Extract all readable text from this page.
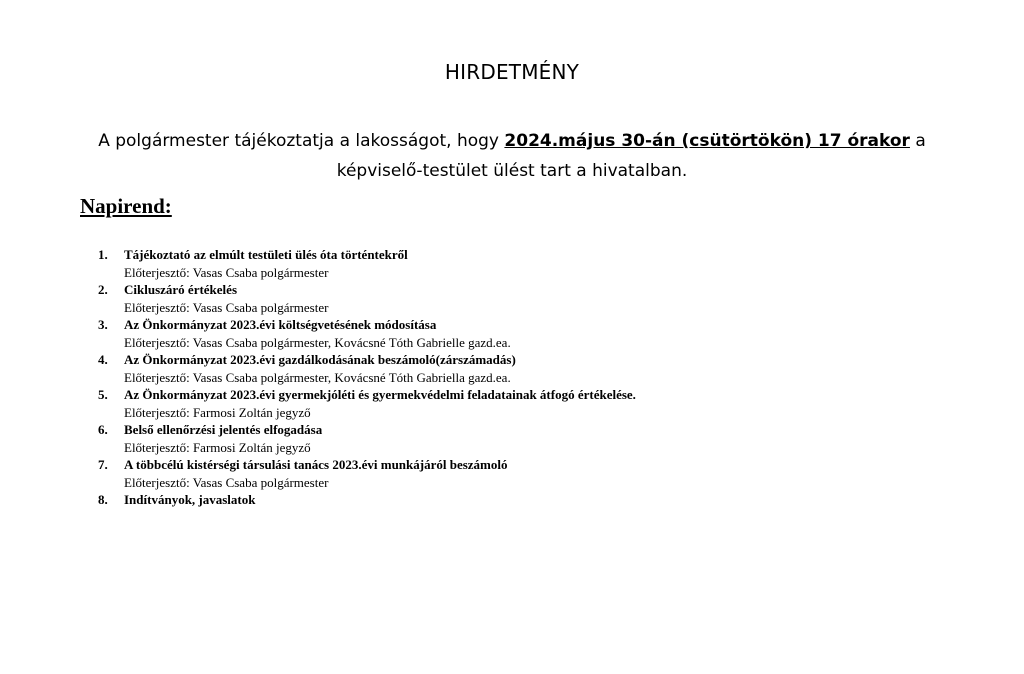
HIRDETMÉNY
A polgármester tájékoztatja a lakosságot, hogy 2024.május 30-án (csütörtökön) 17 órakor a képviselő-testület ülést tart a hivatalban.
Napirend:
1.	Tájékoztató az elmúlt testületi ülés óta történtekről
Előterjesztő: Vasas Csaba polgármester
2.	Cikluszáró értékelés
Előterjesztő: Vasas Csaba polgármester
3.	Az Önkormányzat 2023.évi költségvetésének módosítása
Előterjesztő: Vasas Csaba polgármester, Kovácsné Tóth Gabrielle gazd.ea.
4.	Az Önkormányzat 2023.évi gazdálkodásának beszámoló(zárszámadás)
Előterjesztő: Vasas Csaba polgármester, Kovácsné Tóth Gabriella gazd.ea.
5.	Az Önkormányzat 2023.évi gyermekjóléti és gyermekvédelmi feladatainak átfogó értékelése.
Előterjesztő: Farmosi Zoltán jegyző
6.	Belső ellenőrzési jelentés elfogadása
Előterjesztő: Farmosi Zoltán jegyző
7.	A többcélú kistérségi társulási tanács 2023.évi munkájáról beszámoló
Előterjesztő: Vasas Csaba polgármester
8.	Indítványok, javaslatok
